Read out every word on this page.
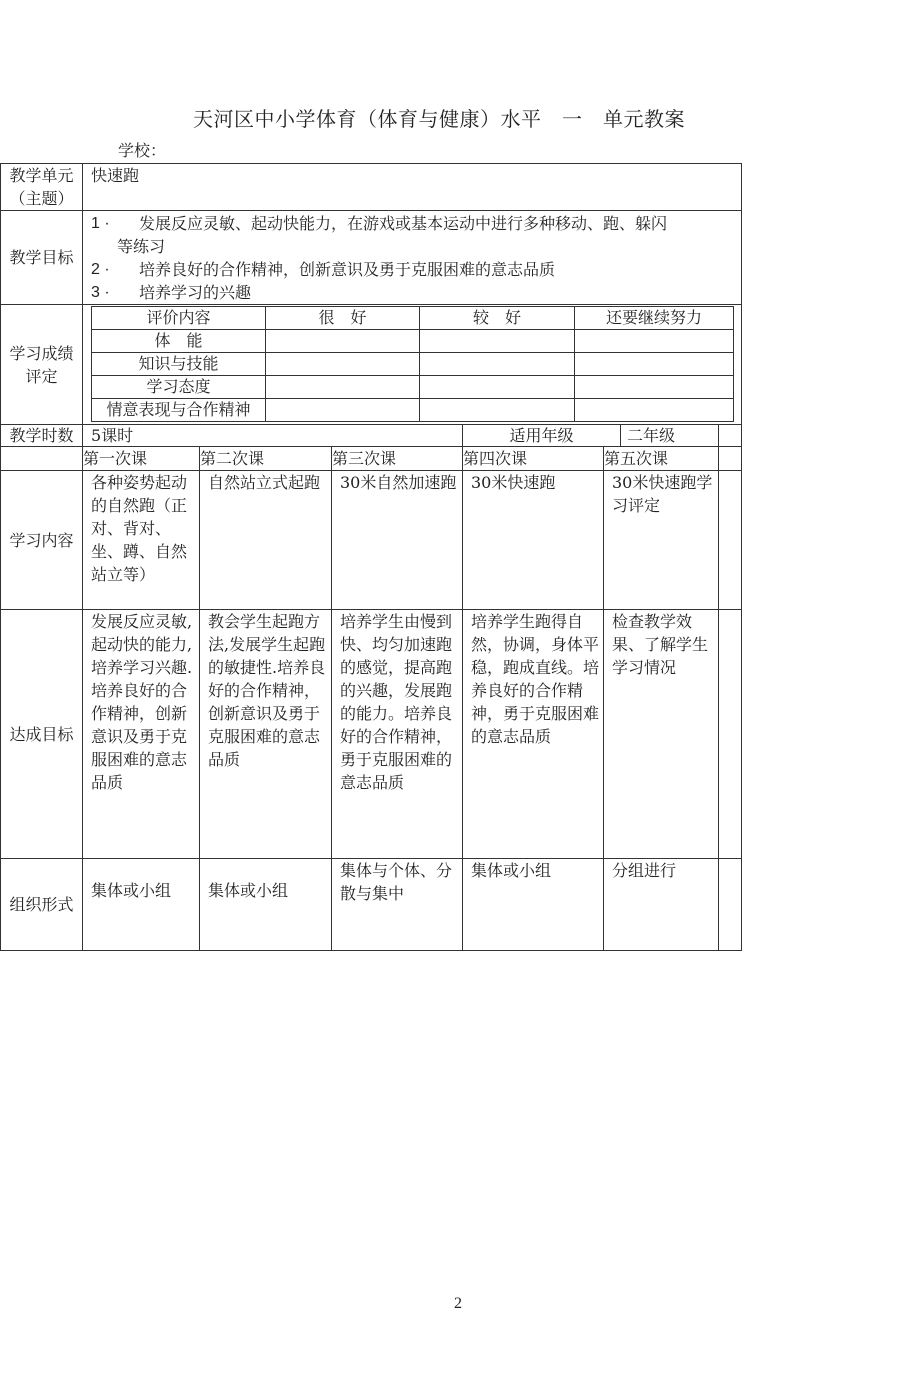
天河区中小学体育（体育与健康）水平　一　单元教案
学校：
教学单元
（主题）
	快速跑
教学目标	
1 ·	发展反应灵敏、起动快能力，在游戏或基本运动中进行多种移动、跑、躲闪
等练习
2 ·	培养良好的合作精神，创新意识及勇于克服困难的意志品质
3 ·	培养学习的兴趣

学习成绩
评定

评价内容	很　好	较　好	还要继续努力
体　能			
知识与技能			
学习态度			
情意表现与合作精神			

教学时数	5课时	适用年级	二年级

	第一次课	第二次课	第三次课	第四次课	第五次课	
学习内容	各种姿势起动的自然跑（正对、背对、坐、蹲、自然站立等）	自然站立式起跑	30米自然加速跑	30米快速跑	30米快速跑学习评定	
达成目标	发展反应灵敏,起动快的能力,培养学习兴趣.培养良好的合作精神，创新意识及勇于克服困难的意志品质	教会学生起跑方法,发展学生起跑的敏捷性.培养良好的合作精神，创新意识及勇于克服困难的意志品质	培养学生由慢到快、均匀加速跑的感觉，提高跑的兴趣，发展跑的能力。培养良好的合作精神，勇于克服困难的意志品质	培养学生跑得自然，协调，身体平稳，跑成直线。培养良好的合作精神，勇于克服困难的意志品质	检查教学效果、了解学生学习情况	
组织形式	集体或小组	集体或小组	集体与个体、分散与集中	集体或小组	分组进行	
2
